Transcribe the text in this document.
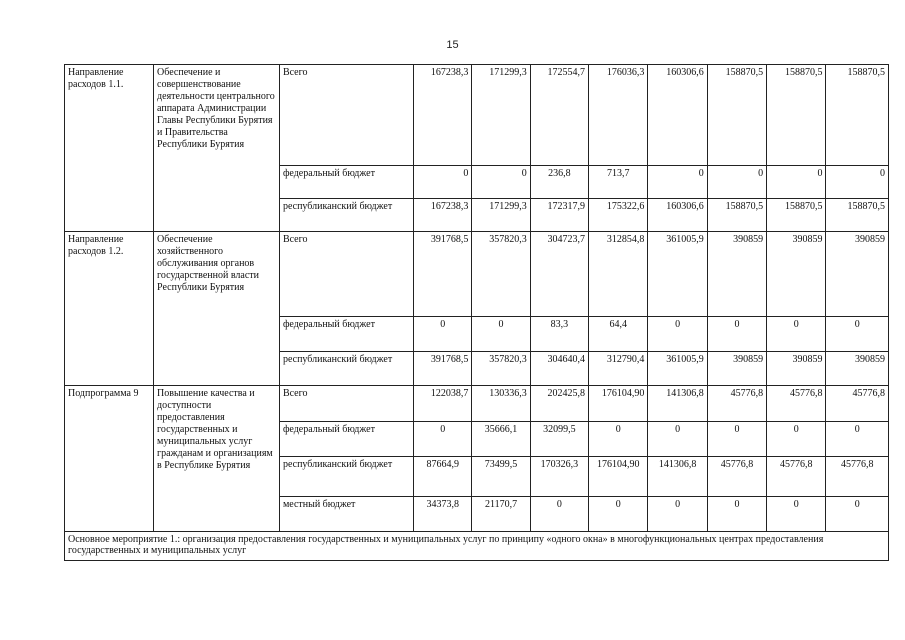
15
Направление расходов 1.1.	Обеспечение и совершенствование деятельности центрального аппарата Администрации Главы Республики Бурятия и Правительства Республики Бурятия	Всего	167238,3	171299,3	172554,7	176036,3	160306,6	158870,5	158870,5	158870,5
		федеральный бюджет	0	0	236,8	713,7	0	0	0	0
		республиканский бюджет	167238,3	171299,3	172317,9	175322,6	160306,6	158870,5	158870,5	158870,5
Направление расходов 1.2.	Обеспечение хозяйственного обслуживания органов государственной власти Республики Бурятия	Всего	391768,5	357820,3	304723,7	312854,8	361005,9	390859	390859	390859
		федеральный бюджет	0	0	83,3	64,4	0	0	0	0
		республиканский бюджет	391768,5	357820,3	304640,4	312790,4	361005,9	390859	390859	390859
Подпрограмма 9	Повышение качества и доступности предоставления государственных и муниципальных услуг гражданам и организациям в Республике Бурятия	Всего	122038,7	130336,3	202425,8	176104,90	141306,8	45776,8	45776,8	45776,8
		федеральный бюджет	0	35666,1	32099,5	0	0	0	0	0
		республиканский бюджет	87664,9	73499,5	170326,3	176104,90	141306,8	45776,8	45776,8	45776,8
		местный бюджет	34373,8	21170,7	0	0	0	0	0	0
Основное мероприятие 1.: организация предоставления государственных и муниципальных услуг по принципу «одного окна» в многофункциональных центрах предоставления государственных и муниципальных услуг										
